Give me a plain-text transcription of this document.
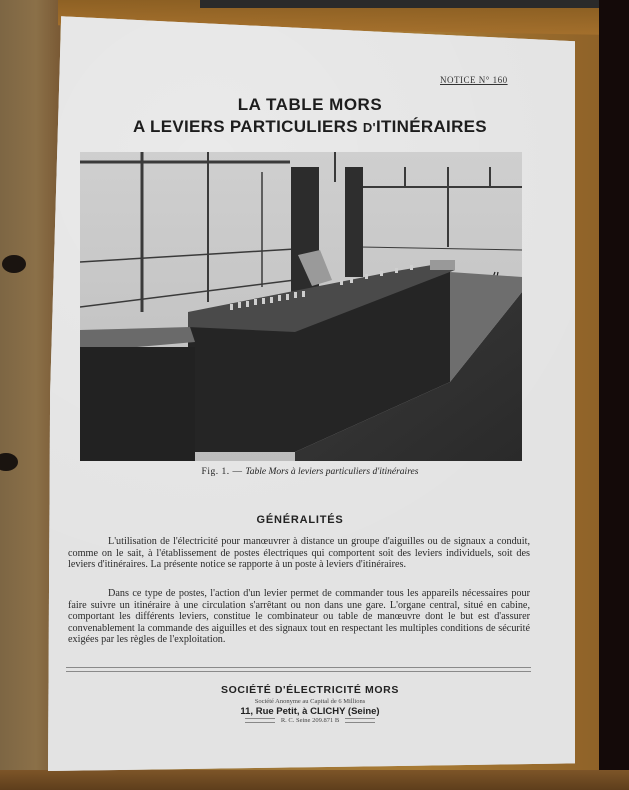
NOTICE N° 160
LA TABLE MORS
A LEVIERS PARTICULIERS D'ITINÉRAIRES
Fig. 1. — Table Mors à leviers particuliers d'itinéraires
GÉNÉRALITÉS
L'utilisation de l'électricité pour manœuvrer à distance un groupe d'aiguilles ou de signaux a conduit, comme on le sait, à l'établissement de postes électriques qui comportent soit des leviers individuels, soit des leviers d'itinéraires. La présente notice se rapporte à un poste à leviers d'itinéraires.
Dans ce type de postes, l'action d'un levier permet de commander tous les appareils nécessaires pour faire suivre un itinéraire à une circulation s'arrêtant ou non dans une gare. L'organe central, situé en cabine, comportant les différents leviers, constitue le combinateur ou table de manœuvre dont le but est d'assurer convenablement la commande des aiguilles et des signaux tout en respectant les multiples conditions de sécurité exigées par les règles de l'exploitation.
SOCIÉTÉ D'ÉLECTRICITÉ MORS
Société Anonyme au Capital de 6 Millions
11, Rue Petit, à CLICHY (Seine)
R. C. Seine 209.871 B
